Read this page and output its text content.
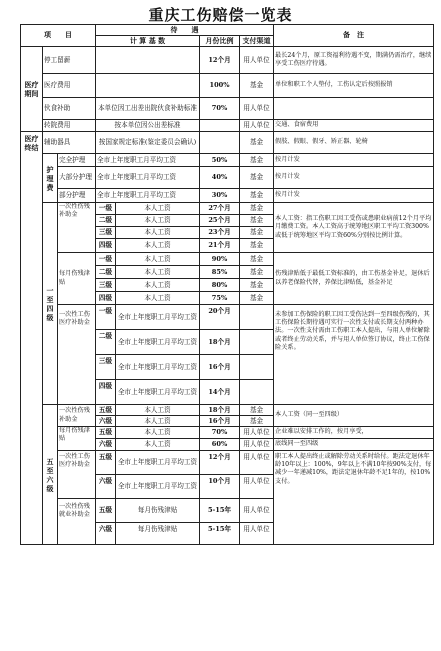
重庆工伤赔偿一览表
项　　目			待　　遇				备　注
			计 算 基 数		月份比例	支付渠道	
医疗期间	停工留薪				12个月	用人单位	最长24个月，原工资福利待遇不变，期满仍需治疗，继续享受工伤医疗待遇。
	医疗费用				100%	基金	单位和职工个人垫付，工伤认定后按照报销
	伙食补助		本单位因工出差出院伙食补助标准		70%	用人单位	
	转院费用		按本单位因公出差标准			用人单位	交通、食宿费用
医疗终结	辅助器具		按国家规定标准(鉴定委员会确认)			基金	假肢、假眼、假牙、矫正器、轮椅
	护理费	完全护理	全市上年度职工月平均工资		50%	基金	按月计发
		大部分护理	全市上年度职工月平均工资		40%	基金	按月计发
		部分护理	全市上年度职工月平均工资		30%	基金	按月计发
	一至四级	一次性伤残补助金	一级	本人工资	27个月	基金	本人工资：指工伤职工因工受伤或患职业病前12个月平均月缴费工资。本人工资高于统筹地区职工平均工资300%或低于统筹地区平均工资60%分别按比例计算。
			二级	本人工资	25个月	基金	
			三级	本人工资	23个月	基金	
			四级	本人工资	21个月	基金	
		每月伤残津贴	一级	本人工资	90%	基金	伤残津贴低于最低工资标准的，由工伤基金补足，退休后以养老保险代替，养保比津贴低，基金补足
			二级	本人工资	85%	基金	
			三级	本人工资	80%	基金	
			四级	本人工资	75%	基金	
		一次性工伤医疗补助金	一级	全市上年度职工月平均工资	20个月		未参加工伤保险的职工因工受伤达到一至四级伤残的，其工伤保险长期待遇可实行一次性支付或长期支付两种办法。一次性支付需由工伤职工本人提出，与用人单位解除或者终止劳动关系，并与用人单位签订协议，终止工伤保险关系。
			二级	全市上年度职工月平均工资	18个月		
			三级	全市上年度职工月平均工资	16个月		
			四级	全市上年度职工月平均工资	14个月		
	五至六级	一次性伤残补助金	五级	本人工资	18个月	基金	本人工资（同一至四级）
			六级	本人工资	16个月	基金	
		每月伤残津贴	五级	本人工资	70%	用人单位	企业难以安排工作的，按月享受，
			六级	本人工资	60%	用人单位	底线同一至四级
		一次性工伤医疗补助金	五级	全市上年度职工月平均工资	12个月	用人单位	职工本人提出终止或解除劳动关系时给付。距法定退休年龄10年以上：100%，9年以上不满10年按90%支付，每减少一年递减10%，距法定退休年龄不足1年的，按10%支付。
			六级	全市上年度职工月平均工资	10个月	用人单位	
		一次性伤残就业补助金	五级	每月伤残津贴	5-15年	用人单位	
			六级	每月伤残津贴	5-15年	用人单位	
